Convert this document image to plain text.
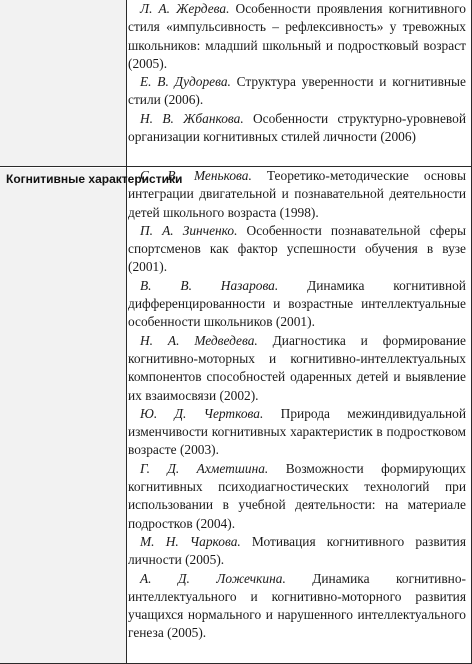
Когнитивные характеристики

Л. А. Жердева. Особенности проявления когнитивного стиля «импульсивность – рефлексивность» у тревожных школьников: младший школьный и подростковый возраст (2005).

Е. В. Дудорева. Структура уверенности и когнитивные стили (2006).

Н. В. Жбанкова. Особенности структурно-уровневой организации когнитивных стилей личности (2006)

С. В. Менькова. Теоретико-методические основы интеграции двигательной и познавательной деятельности детей школьного возраста (1998).

П. А. Зинченко. Особенности познавательной сферы спортсменов как фактор успешности обучения в вузе (2001).

В. В. Назарова. Динамика когнитивной дифференцированности и возрастные интеллектуальные особенности школьников (2001).

Н. А. Медведева. Диагностика и формирование когнитивно-моторных и когнитивно-интеллектуальных компонентов способностей одаренных детей и выявление их взаимосвязи (2002).

Ю. Д. Черткова. Природа межиндивидуальной изменчивости когнитивных характеристик в подростковом возрасте (2003).

Г. Д. Ахметшина. Возможности формирующих когнитивных психодиагностических технологий при использовании в учебной деятельности: на материале подростков (2004).

М. Н. Чаркова. Мотивация когнитивного развития личности (2005).

А. Д. Ложечкина. Динамика когнитивно-интеллектуального и когнитивно-моторного развития учащихся нормального и нарушенного интеллектуального генеза (2005).
